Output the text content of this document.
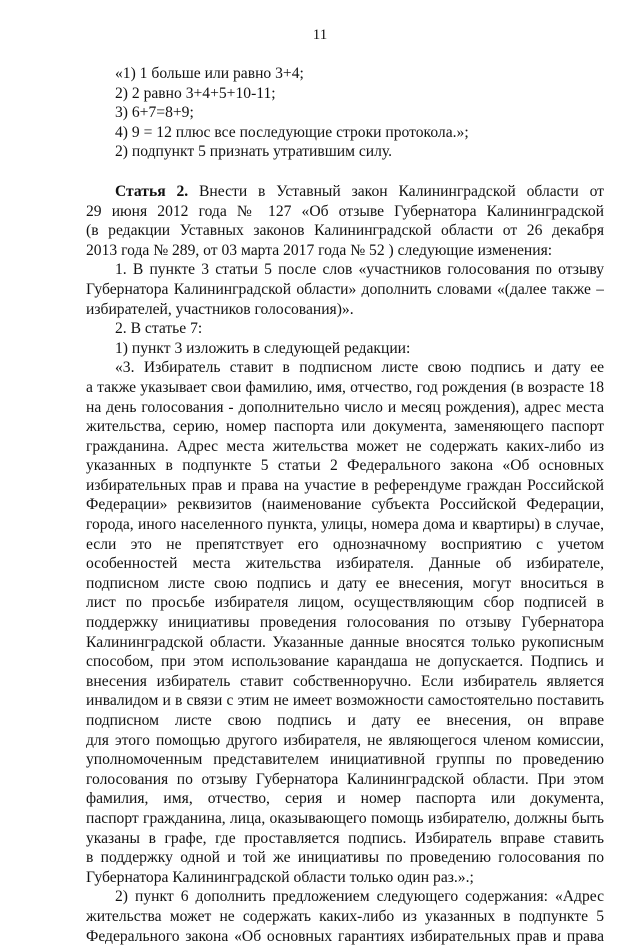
11
«1) 1 больше или равно 3+4;
2) 2 равно 3+4+5+10-11;
3) 6+7=8+9;
4) 9 = 12 плюс все последующие строки протокола.»;
2) подпункт 5 признать утратившим силу.
Статья 2. Внести в Уставный закон Калининградской области от
29 июня 2012 года № 127 «Об отзыве Губернатора Калининградской
(в редакции Уставных законов Калининградской области от 26 декабря
2013 года № 289, от 03 марта 2017 года № 52 ) следующие изменения:
1. В пункте 3 статьи 5 после слов «участников голосования по отзыву
Губернатора Калининградской области» дополнить словами «(далее также –
избирателей, участников голосования)».
2. В статье 7:
1) пункт 3 изложить в следующей редакции:
«3. Избиратель ставит в подписном листе свою подпись и дату ее
а также указывает свои фамилию, имя, отчество, год рождения (в возрасте 18
на день голосования - дополнительно число и месяц рождения), адрес места
жительства, серию, номер паспорта или документа, заменяющего паспорт
гражданина. Адрес места жительства может не содержать каких-либо из
указанных в подпункте 5 статьи 2 Федерального закона «Об основных
избирательных прав и права на участие в референдуме граждан Российской
Федерации» реквизитов (наименование субъекта Российской Федерации,
города, иного населенного пункта, улицы, номера дома и квартиры) в случае,
если это не препятствует его однозначному восприятию с учетом
особенностей места жительства избирателя. Данные об избирателе,
подписном листе свою подпись и дату ее внесения, могут вноситься в
лист по просьбе избирателя лицом, осуществляющим сбор подписей в
поддержку инициативы проведения голосования по отзыву Губернатора
Калининградской области. Указанные данные вносятся только рукописным
способом, при этом использование карандаша не допускается. Подпись и
внесения избиратель ставит собственноручно. Если избиратель является
инвалидом и в связи с этим не имеет возможности самостоятельно поставить
подписном листе свою подпись и дату ее внесения, он вправе
для этого помощью другого избирателя, не являющегося членом комиссии,
уполномоченным представителем инициативной группы по проведению
голосования по отзыву Губернатора Калининградской области. При этом
фамилия, имя, отчество, серия и номер паспорта или документа,
паспорт гражданина, лица, оказывающего помощь избирателю, должны быть
указаны в графе, где проставляется подпись. Избиратель вправе ставить
в поддержку одной и той же инициативы по проведению голосования по
Губернатора Калининградской области только один раз.».;
2) пункт 6 дополнить предложением следующего содержания: «Адрес
жительства может не содержать каких-либо из указанных в подпункте 5
Федерального закона «Об основных гарантиях избирательных прав и права
